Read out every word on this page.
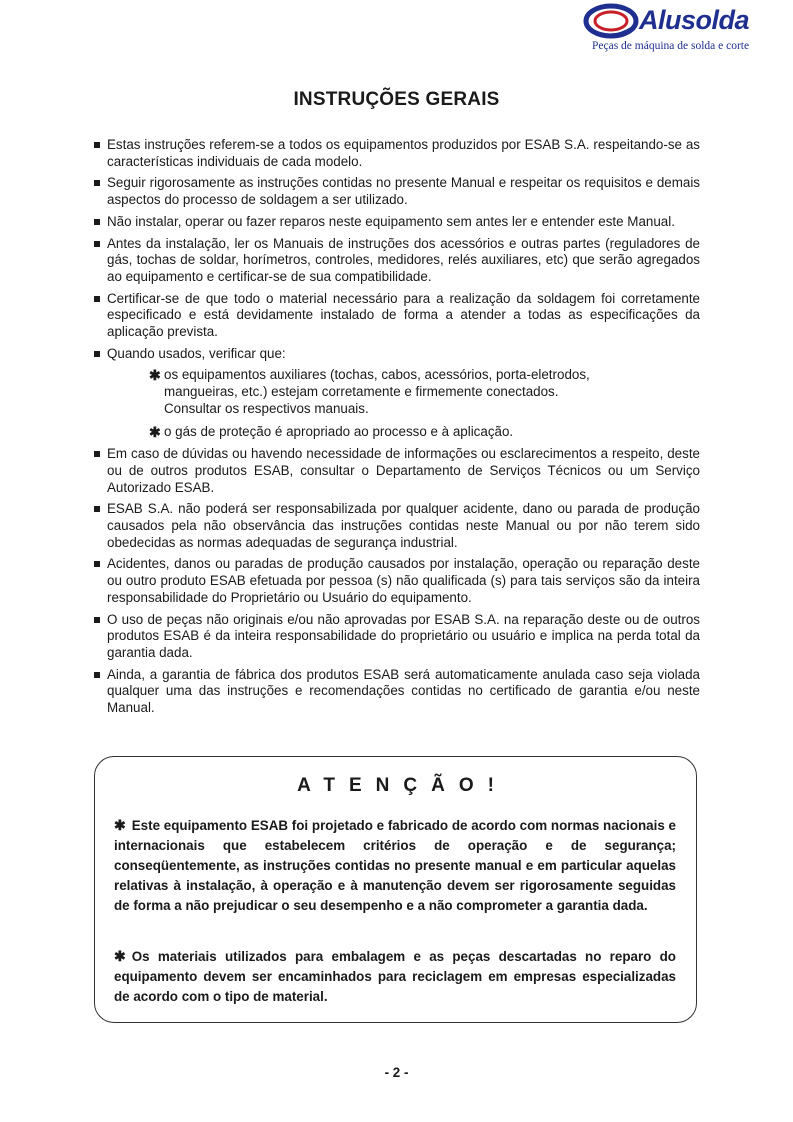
Alusolda
Peças de máquina de solda e corte
INSTRUÇÕES GERAIS
Estas instruções referem-se a todos os equipamentos produzidos por ESAB S.A. respeitando-se as características individuais de cada modelo.
Seguir rigorosamente as instruções contidas no presente Manual e respeitar os requisitos e demais aspectos do processo de soldagem a ser utilizado.
Não instalar, operar ou fazer reparos neste equipamento sem antes ler e entender este Manual.
Antes da instalação, ler os Manuais de instruções dos acessórios e outras partes (reguladores de gás, tochas de soldar, horímetros, controles, medidores, relés auxiliares, etc) que serão agregados ao equipamento e certificar-se de sua compatibilidade.
Certificar-se de que todo o material necessário para a realização da soldagem foi corretamente especificado e está devidamente instalado de forma a atender a todas as especificações da aplicação prevista.
Quando usados, verificar que:
✱ os equipamentos auxiliares (tochas, cabos, acessórios, porta-eletrodos,
mangueiras, etc.) estejam corretamente e firmemente conectados.
Consultar os respectivos manuais.
✱ o gás de proteção é apropriado ao processo e à aplicação.
Em caso de dúvidas ou havendo necessidade de informações ou esclarecimentos a respeito, deste ou de outros produtos ESAB, consultar o Departamento de Serviços Técnicos ou um Serviço Autorizado ESAB.
ESAB S.A. não poderá ser responsabilizada por qualquer acidente, dano ou parada de produção causados pela não observância das instruções contidas neste Manual ou por não terem sido obedecidas as normas adequadas de segurança industrial.
Acidentes, danos ou paradas de produção causados por instalação, operação ou reparação deste ou outro produto ESAB efetuada por pessoa (s) não qualificada (s) para tais serviços são da inteira responsabilidade do Proprietário ou Usuário do equipamento.
O uso de peças não originais e/ou não aprovadas por ESAB S.A. na reparação deste ou de outros produtos ESAB é da inteira responsabilidade do proprietário ou usuário e implica na perda total da garantia dada.
Ainda, a garantia de fábrica dos produtos ESAB será automaticamente anulada caso seja violada qualquer uma das instruções e recomendações contidas no certificado de garantia e/ou neste Manual.
ATENÇÃO!
✱ Este equipamento ESAB foi projetado e fabricado de acordo com normas nacionais e internacionais que estabelecem critérios de operação e de segurança; conseqüentemente, as instruções contidas no presente manual e em particular aquelas relativas à instalação, à operação e à manutenção devem ser rigorosamente seguidas de forma a não prejudicar o seu desempenho e a não comprometer a garantia dada.
✱ Os materiais utilizados para embalagem e as peças descartadas no reparo do equipamento devem ser encaminhados para reciclagem em empresas especializadas de acordo com o tipo de material.
- 2 -
